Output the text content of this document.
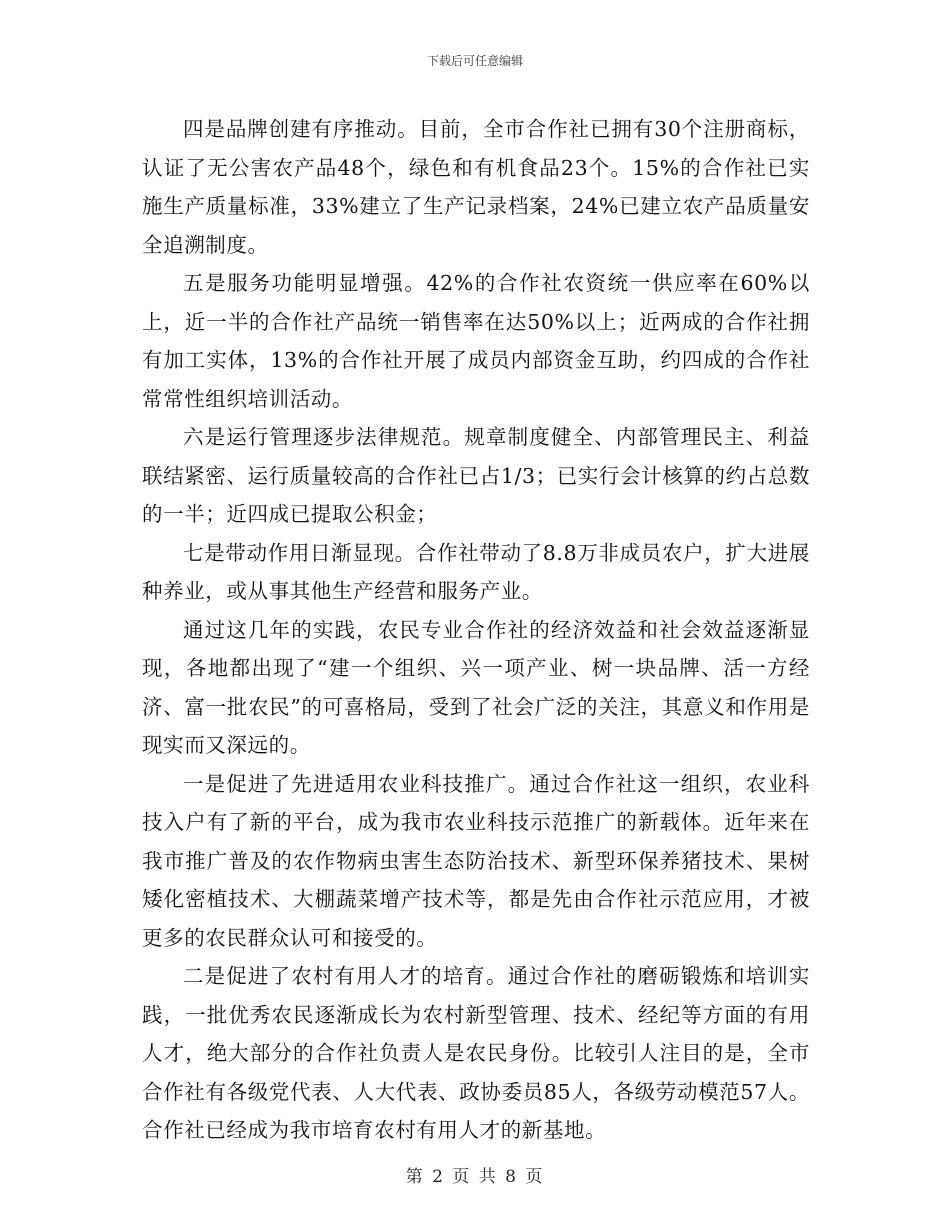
下载后可任意编辑

四是品牌创建有序推动。目前，全市合作社已拥有30个注册商标，认证了无公害农产品48个，绿色和有机食品23个。15%的合作社已实施生产质量标准，33%建立了生产记录档案，24%已建立农产品质量安全追溯制度。

五是服务功能明显增强。42%的合作社农资统一供应率在60%以上，近一半的合作社产品统一销售率在达50%以上；近两成的合作社拥有加工实体，13%的合作社开展了成员内部资金互助，约四成的合作社常常性组织培训活动。

六是运行管理逐步法律规范。规章制度健全、内部管理民主、利益联结紧密、运行质量较高的合作社已占1/3；已实行会计核算的约占总数的一半；近四成已提取公积金；

七是带动作用日渐显现。合作社带动了8.8万非成员农户，扩大进展种养业，或从事其他生产经营和服务产业。

通过这几年的实践，农民专业合作社的经济效益和社会效益逐渐显现，各地都出现了“建一个组织、兴一项产业、树一块品牌、活一方经济、富一批农民”的可喜格局，受到了社会广泛的关注，其意义和作用是现实而又深远的。

一是促进了先进适用农业科技推广。通过合作社这一组织，农业科技入户有了新的平台，成为我市农业科技示范推广的新载体。近年来在我市推广普及的农作物病虫害生态防治技术、新型环保养猪技术、果树矮化密植技术、大棚蔬菜增产技术等，都是先由合作社示范应用，才被更多的农民群众认可和接受的。

二是促进了农村有用人才的培育。通过合作社的磨砺锻炼和培训实践，一批优秀农民逐渐成长为农村新型管理、技术、经纪等方面的有用人才，绝大部分的合作社负责人是农民身份。比较引人注目的是，全市合作社有各级党代表、人大代表、政协委员85人，各级劳动模范57人。合作社已经成为我市培育农村有用人才的新基地。

第 2 页 共 8 页
